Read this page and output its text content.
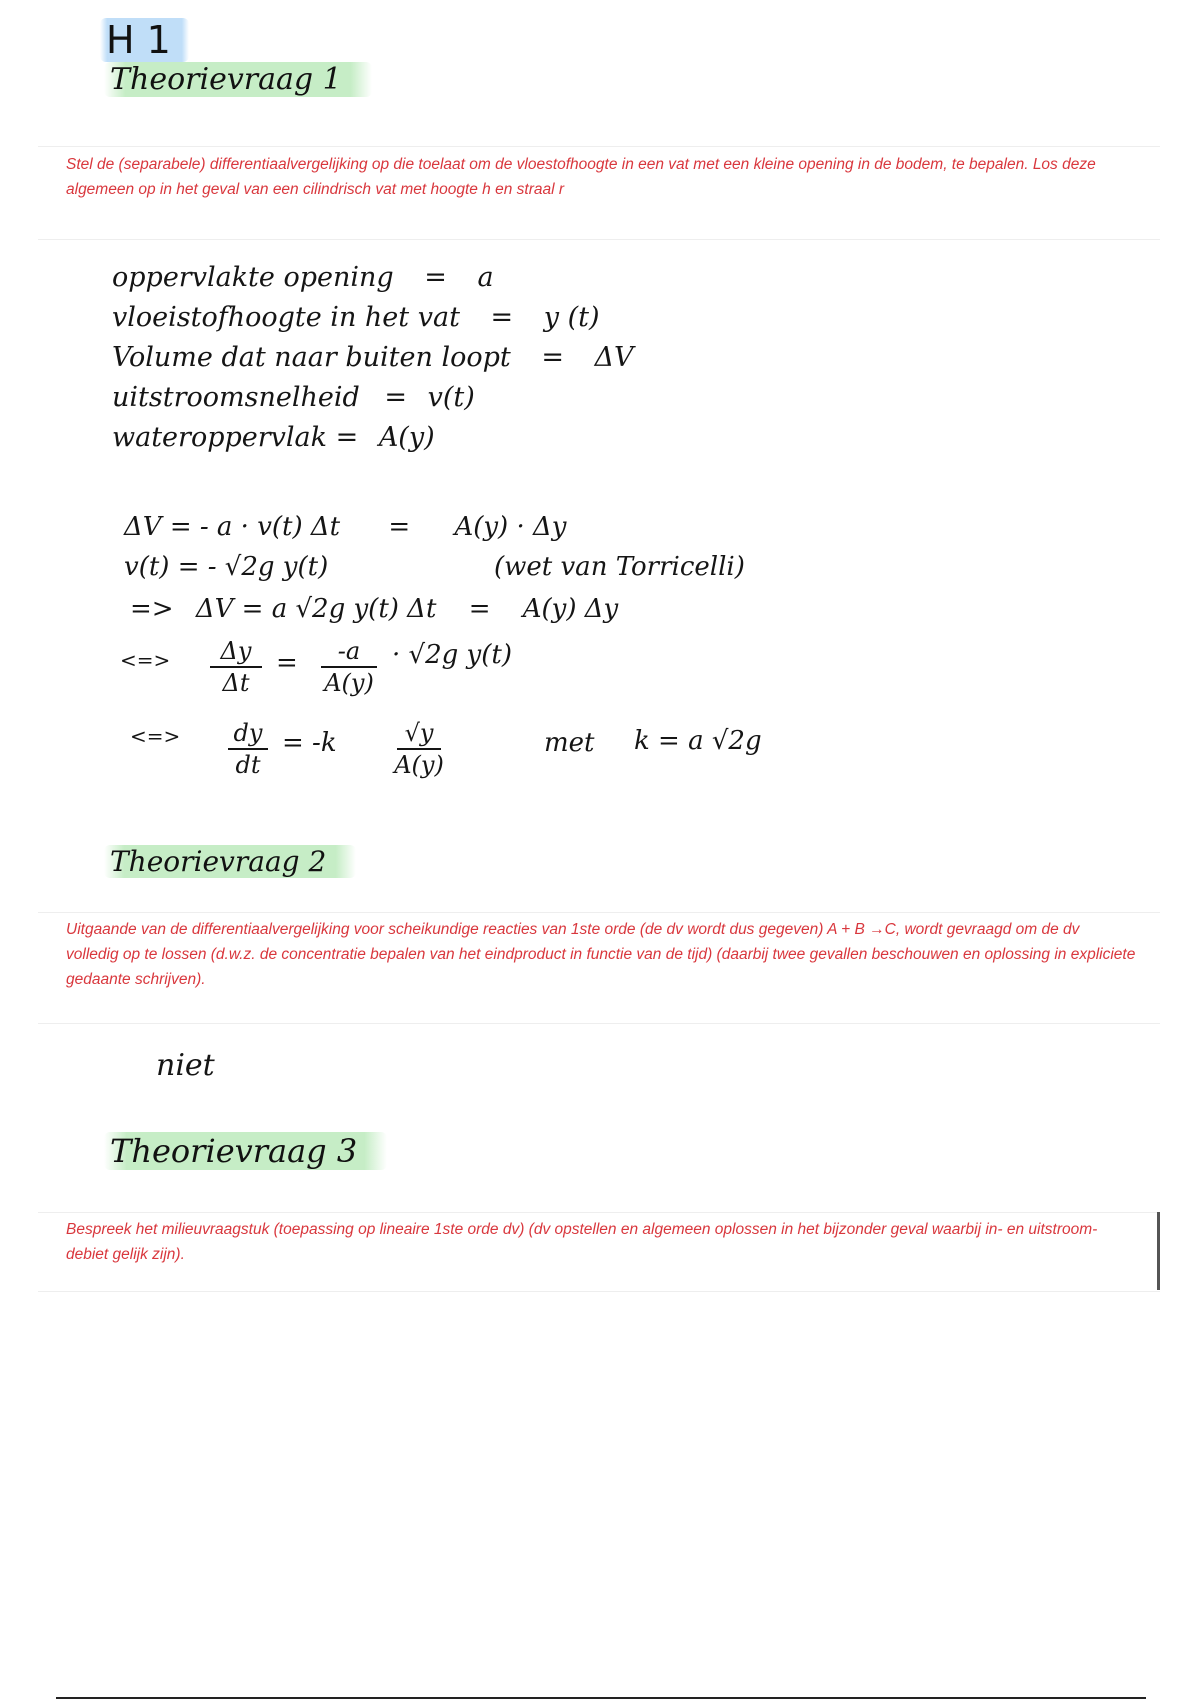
H 1
Theorievraag 1
Stel de (separabele) differentiaalvergelijking op die toelaat om de vloestofhoogte in een vat met een kleine opening in de bodem, te bepalen. Los deze algemeen op in het geval van een cilindrisch vat met hoogte h en straal r
oppervlakte opening = a
vloeistofhoogte in het vat = y (t)
Volume dat naar buiten loopt = ΔV
uitstroomsnelheid = v(t)
wateroppervlak = A(y)
ΔV = - a · v(t) Δt = A(y) · Δy
v(t) = - √2g y(t)	(wet van Torricelli)
=> ΔV = a √2g y(t) Δt = A(y) Δy
<=>	Δy
Δt
=	-a
A(y)
· √2g y(t)
<=>	dy
dt
= -k	√y
A(y)
met k = a √2g
Theorievraag 2
Uitgaande van de differentiaalvergelijking voor scheikundige reacties van 1ste orde (de dv wordt dus gegeven) A + B →C, wordt gevraagd om de dv volledig op te lossen (d.w.z. de concentratie bepalen van het eindproduct in functie van de tijd) (daarbij twee gevallen beschouwen en oplossing in expliciete gedaante schrijven).
niet
Theorievraag 3
Bespreek het milieuvraagstuk (toepassing op lineaire 1ste orde dv) (dv opstellen en algemeen oplossen in het bijzonder geval waarbij in- en uitstroom- debiet gelijk zijn).
